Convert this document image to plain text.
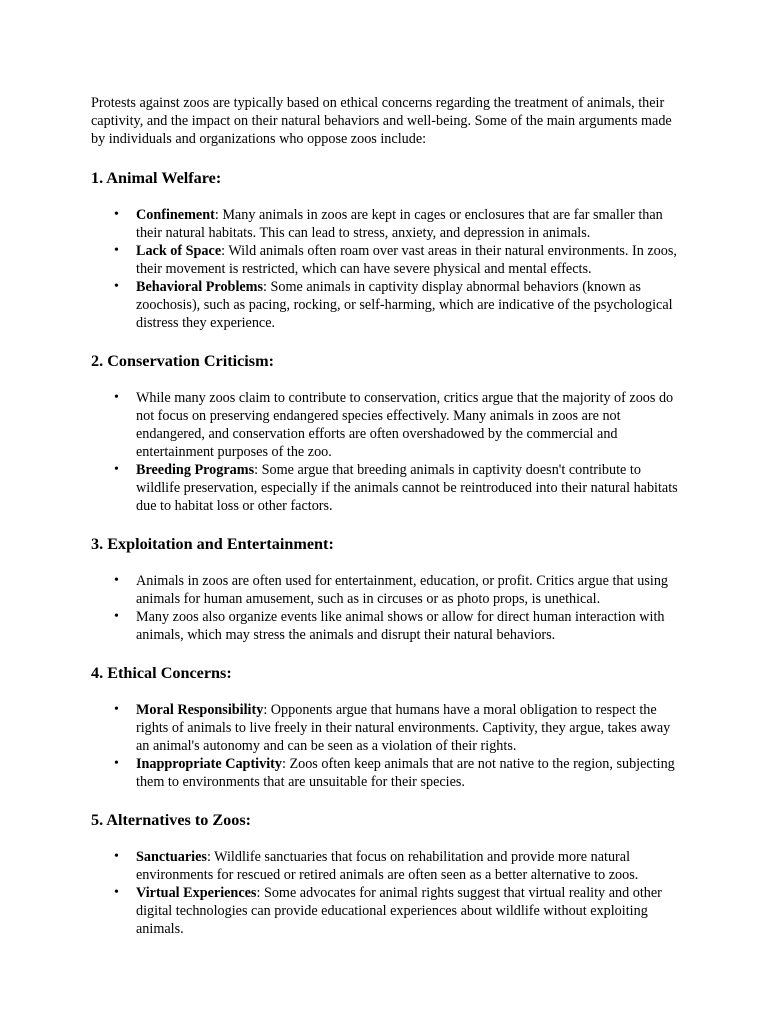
Protests against zoos are typically based on ethical concerns regarding the treatment of animals, their captivity, and the impact on their natural behaviors and well-being. Some of the main arguments made by individuals and organizations who oppose zoos include:

1. Animal Welfare:
• Confinement: Many animals in zoos are kept in cages or enclosures that are far smaller than their natural habitats. This can lead to stress, anxiety, and depression in animals.
• Lack of Space: Wild animals often roam over vast areas in their natural environments. In zoos, their movement is restricted, which can have severe physical and mental effects.
• Behavioral Problems: Some animals in captivity display abnormal behaviors (known as zoochosis), such as pacing, rocking, or self-harming, which are indicative of the psychological distress they experience.
2. Conservation Criticism:
• While many zoos claim to contribute to conservation, critics argue that the majority of zoos do not focus on preserving endangered species effectively. Many animals in zoos are not endangered, and conservation efforts are often overshadowed by the commercial and entertainment purposes of the zoo.
• Breeding Programs: Some argue that breeding animals in captivity doesn't contribute to wildlife preservation, especially if the animals cannot be reintroduced into their natural habitats due to habitat loss or other factors.
3. Exploitation and Entertainment:
• Animals in zoos are often used for entertainment, education, or profit. Critics argue that using animals for human amusement, such as in circuses or as photo props, is unethical.
• Many zoos also organize events like animal shows or allow for direct human interaction with animals, which may stress the animals and disrupt their natural behaviors.
4. Ethical Concerns:
• Moral Responsibility: Opponents argue that humans have a moral obligation to respect the rights of animals to live freely in their natural environments. Captivity, they argue, takes away an animal's autonomy and can be seen as a violation of their rights.
• Inappropriate Captivity: Zoos often keep animals that are not native to the region, subjecting them to environments that are unsuitable for their species.
5. Alternatives to Zoos:
• Sanctuaries: Wildlife sanctuaries that focus on rehabilitation and provide more natural environments for rescued or retired animals are often seen as a better alternative to zoos.
• Virtual Experiences: Some advocates for animal rights suggest that virtual reality and other digital technologies can provide educational experiences about wildlife without exploiting animals.
